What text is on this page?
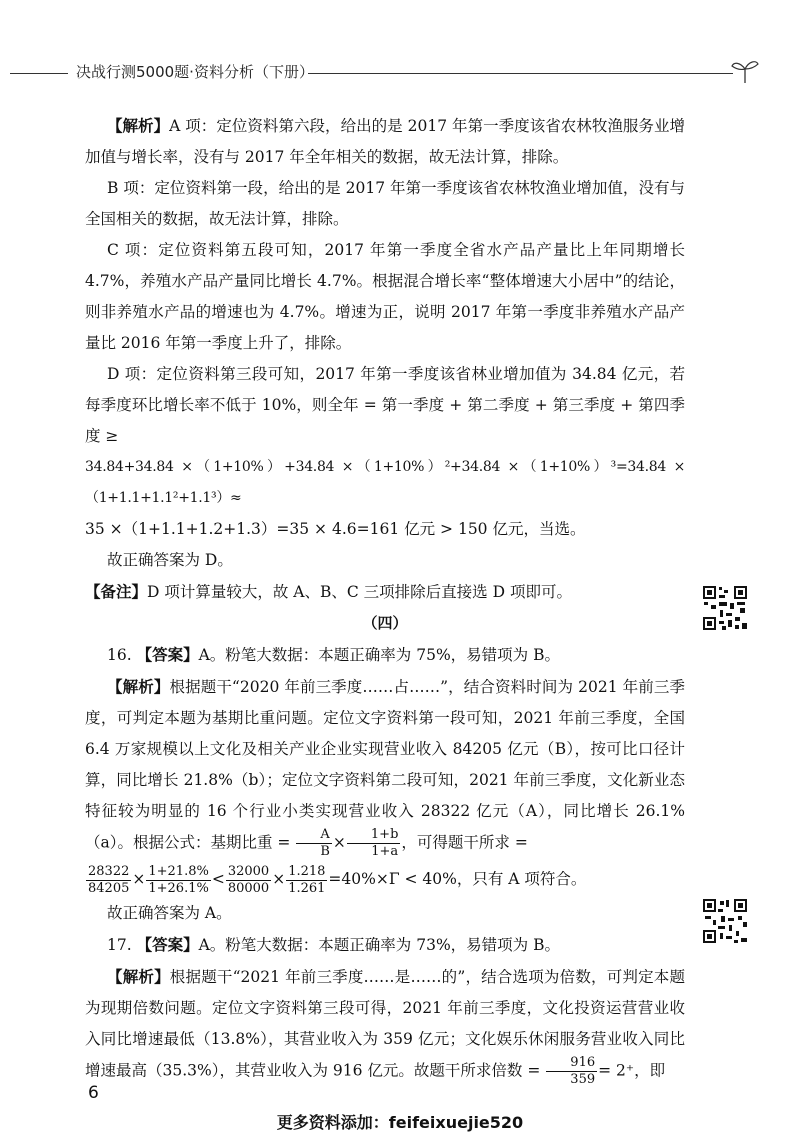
决战行测5000题·资料分析（下册）

【解析】A 项：定位资料第六段，给出的是 2017 年第一季度该省农林牧渔服务业增加值与增长率，没有与 2017 年全年相关的数据，故无法计算，排除。

B 项：定位资料第一段，给出的是 2017 年第一季度该省农林牧渔业增加值，没有与全国相关的数据，故无法计算，排除。

C 项：定位资料第五段可知，2017 年第一季度全省水产品产量比上年同期增长 4.7%，养殖水产品产量同比增长 4.7%。根据混合增长率“整体增速大小居中”的结论，则非养殖水产品的增速也为 4.7%。增速为正，说明 2017 年第一季度非养殖水产品产量比 2016 年第一季度上升了，排除。

D 项：定位资料第三段可知，2017 年第一季度该省林业增加值为 34.84 亿元，若每季度环比增长率不低于 10%，则全年 = 第一季度 + 第二季度 + 第三季度 + 第四季度 ≥

34.84+34.84 ×（1+10%）+34.84 ×（1+10%）²+34.84 ×（1+10%）³=34.84 ×（1+1.1+1.1²+1.1³）≈

35 ×（1+1.1+1.2+1.3）=35 × 4.6=161 亿元 > 150 亿元，当选。

故正确答案为 D。

【备注】D 项计算量较大，故 A、B、C 三项排除后直接选 D 项即可。

（四）

16. 【答案】A。粉笔大数据：本题正确率为 75%，易错项为 B。

【解析】根据题干“2020 年前三季度……占……”，结合资料时间为 2021 年前三季度，可判定本题为基期比重问题。定位文字资料第一段可知，2021 年前三季度，全国 6.4 万家规模以上文化及相关产业企业实现营业收入 84205 亿元（B），按可比口径计算，同比增长 21.8%（b）；定位文字资料第二段可知，2021 年前三季度，文化新业态特征较为明显的 16 个行业小类实现营业收入 28322 亿元（A），同比增长 26.1%（a）。根据公式：基期比重 = $\frac{A}{B} \times \frac{1+b}{1+a}$ ，可得题干所求 =

$\frac{28322}{84205} \times \frac{1+21.8\%}{1+26.1\%} < \frac{32000}{80000} \times \frac{1.218}{1.261} =40\%\times\Gamma < 40\%$，只有 A 项符合。

故正确答案为 A。

17. 【答案】A。粉笔大数据：本题正确率为 73%，易错项为 B。

【解析】根据题干“2021 年前三季度……是……的”，结合选项为倍数，可判定本题为现期倍数问题。定位文字资料第三段可得，2021 年前三季度，文化投资运营营业收入同比增速最低（13.8%），其营业收入为 359 亿元；文化娱乐休闲服务营业收入同比增速最高（35.3%），其营业收入为 916 亿元。故题干所求倍数 = $\frac{916}{359} = 2^+$，即

6
更多资料添加：feifeixuejie520
